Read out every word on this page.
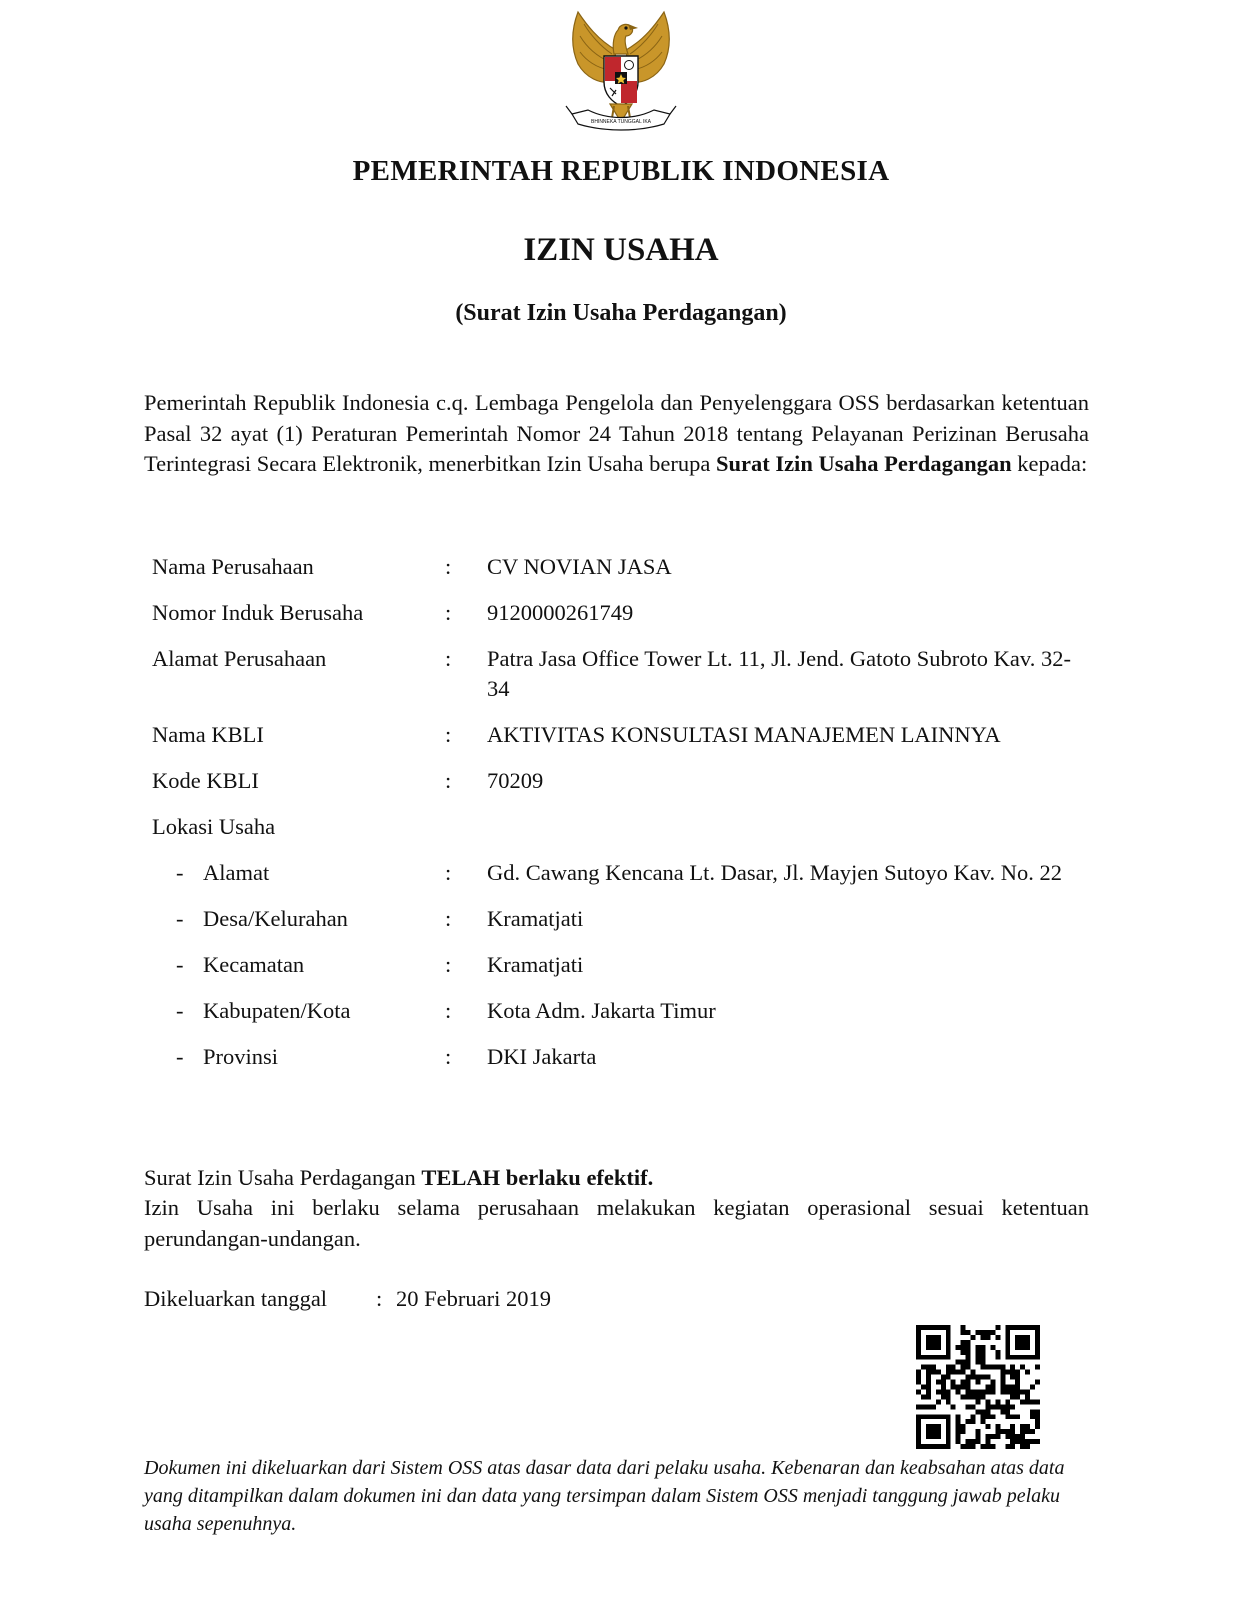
BHINNEKA TUNGGAL IKA
PEMERINTAH REPUBLIK INDONESIA
IZIN USAHA
(Surat Izin Usaha Perdagangan)

Pemerintah Republik Indonesia c.q. Lembaga Pengelola dan Penyelenggara OSS berdasarkan ketentuan Pasal 32 ayat (1) Peraturan Pemerintah Nomor 24 Tahun 2018 tentang Pelayanan Perizinan Berusaha Terintegrasi Secara Elektronik, menerbitkan Izin Usaha berupa Surat Izin Usaha Perdagangan kepada:

Nama Perusahaan	: CV NOVIAN JASA
Nomor Induk Berusaha	: 9120000261749
Alamat Perusahaan	: Patra Jasa Office Tower Lt. 11, Jl. Jend. Gatoto Subroto Kav. 32-34
Nama KBLI	: AKTIVITAS KONSULTASI MANAJEMEN LAINNYA
Kode KBLI	: 70209
Lokasi Usaha
- Alamat	: Gd. Cawang Kencana Lt. Dasar, Jl. Mayjen Sutoyo Kav. No. 22
- Desa/Kelurahan	: Kramatjati
- Kecamatan	: Kramatjati
- Kabupaten/Kota	: Kota Adm. Jakarta Timur
- Provinsi	: DKI Jakarta

Surat Izin Usaha Perdagangan TELAH berlaku efektif.

Izin Usaha ini berlaku selama perusahaan melakukan kegiatan operasional sesuai ketentuan perundangan-undangan.

Dikeluarkan tanggal : 20 Februari 2019

Dokumen ini dikeluarkan dari Sistem OSS atas dasar data dari pelaku usaha. Kebenaran dan keabsahan atas data yang ditampilkan dalam dokumen ini dan data yang tersimpan dalam Sistem OSS menjadi tanggung jawab pelaku usaha sepenuhnya.
